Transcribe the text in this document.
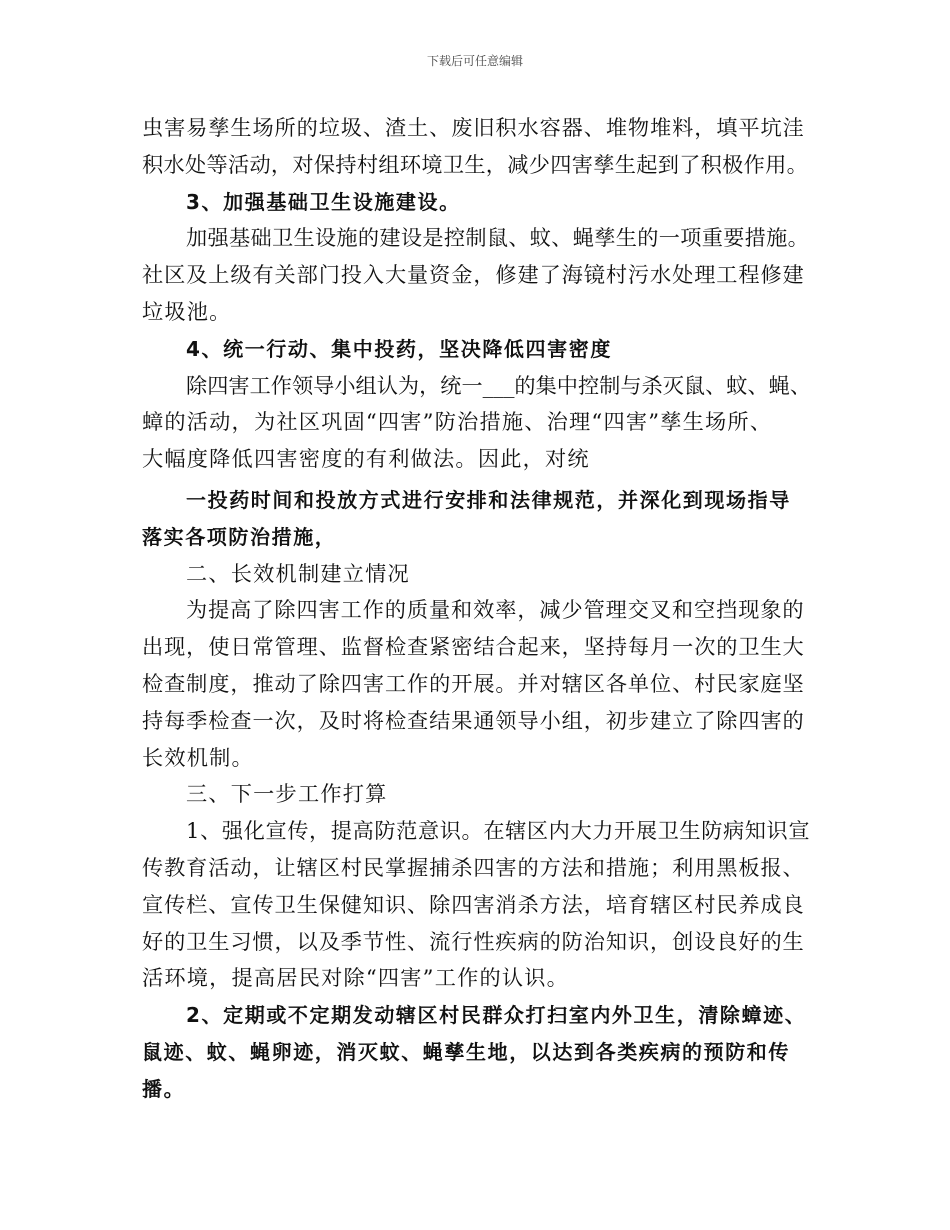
下载后可任意编辑
虫害易孳生场所的垃圾、渣土、废旧积水容器、堆物堆料，填平坑洼
积水处等活动，对保持村组环境卫生，减少四害孳生起到了积极作用。
3、加强基础卫生设施建设。
加强基础卫生设施的建设是控制鼠、蚊、蝇孳生的一项重要措施。
社区及上级有关部门投入大量资金，修建了海镜村污水处理工程修建
垃圾池。
4、统一行动、集中投药，坚决降低四害密度
除四害工作领导小组认为，统一___的集中控制与杀灭鼠、蚊、蝇、
蟑的活动，为社区巩固“四害”防治措施、治理“四害”孳生场所、
大幅度降低四害密度的有利做法。因此，对统
一投药时间和投放方式进行安排和法律规范，并深化到现场指导
落实各项防治措施，
二、长效机制建立情况
为提高了除四害工作的质量和效率，减少管理交叉和空挡现象的
出现，使日常管理、监督检查紧密结合起来，坚持每月一次的卫生大
检查制度，推动了除四害工作的开展。并对辖区各单位、村民家庭坚
持每季检查一次，及时将检查结果通领导小组，初步建立了除四害的
长效机制。
三、下一步工作打算
1、强化宣传，提高防范意识。在辖区内大力开展卫生防病知识宣
传教育活动，让辖区村民掌握捕杀四害的方法和措施；利用黑板报、
宣传栏、宣传卫生保健知识、除四害消杀方法，培育辖区村民养成良
好的卫生习惯，以及季节性、流行性疾病的防治知识，创设良好的生
活环境，提高居民对除“四害”工作的认识。
2、定期或不定期发动辖区村民群众打扫室内外卫生，清除蟑迹、
鼠迹、蚊、蝇卵迹，消灭蚊、蝇孳生地，以达到各类疾病的预防和传
播。
